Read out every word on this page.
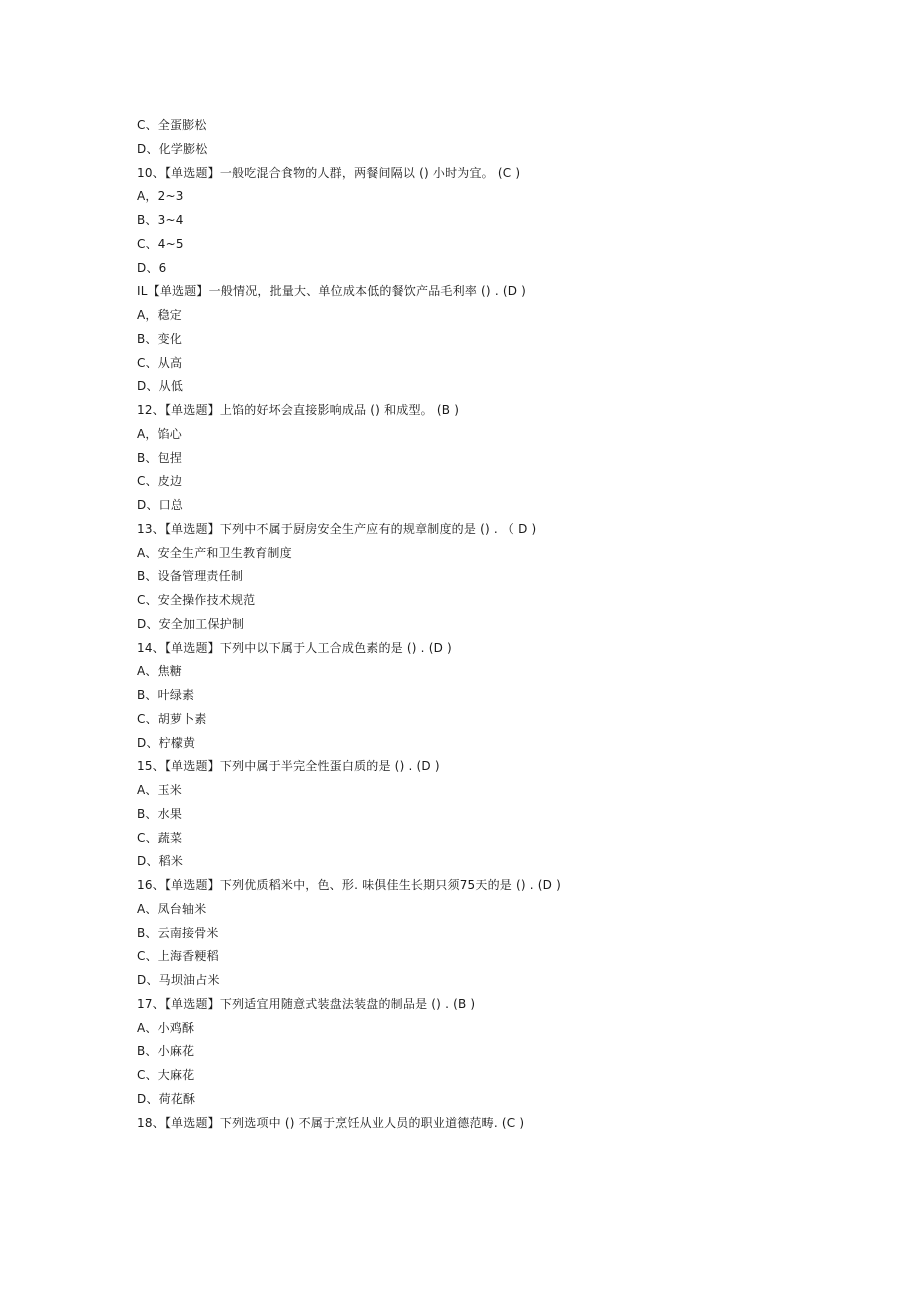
C、全蛋膨松
D、化学膨松
10、【单选题】一般吃混合食物的人群，两餐间隔以 () 小时为宜。 (C )
A，2~3
B、3~4
C、4~5
D、6
IL【单选题】一般情况，批量大、单位成本低的餐饮产品毛利率 () . (D )
A，稳定
B、变化
C、从高
D、从低
12、【单选题】上馅的好坏会直接影响成品 () 和成型。 (B )
A，馅心
B、包捏
C、皮边
D、口总
13、【单选题】下列中不属于厨房安全生产应有的规章制度的是 () . （ D )
A、安全生产和卫生教育制度
B、设备管理责任制
C、安全操作技术规范
D、安全加工保护制
14、【单选题】下列中以下属于人工合成色素的是 () . (D )
A、焦糖
B、叶绿素
C、胡萝卜素
D、柠檬黄
15、【单选题】下列中属于半完全性蛋白质的是 () . (D )
A、玉米
B、水果
C、蔬菜
D、稻米
16、【单选题】下列优质稻米中，色、形. 味俱佳生长期只须75天的是 () . (D )
A、凤台轴米
B、云南接骨米
C、上海香粳稻
D、马坝油占米
17、【单选题】下列适宜用随意式装盘法装盘的制品是 () . (B )
A、小鸡酥
B、小麻花
C、大麻花
D、荷花酥
18、【单选题】下列选项中 () 不属于烹饪从业人员的职业道德范畴. (C )
